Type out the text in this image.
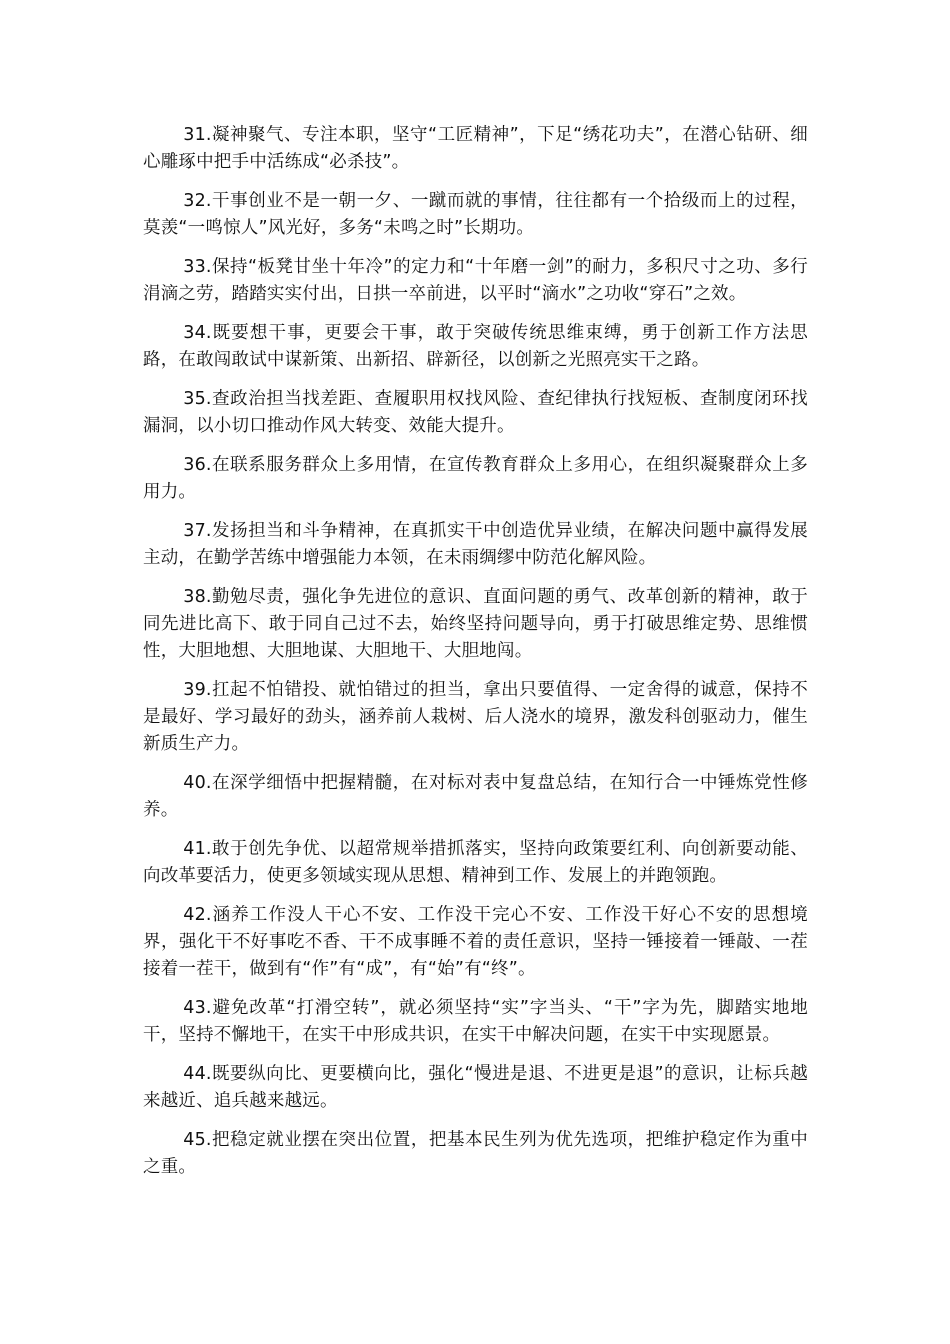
31.凝神聚气、专注本职，坚守“工匠精神”，下足“绣花功夫”，在潜心钻研、细心雕琢中把手中活练成“必杀技”。

32.干事创业不是一朝一夕、一蹴而就的事情，往往都有一个拾级而上的过程，莫羡“一鸣惊人”风光好，多务“未鸣之时”长期功。

33.保持“板凳甘坐十年冷”的定力和“十年磨一剑”的耐力，多积尺寸之功、多行涓滴之劳，踏踏实实付出，日拱一卒前进，以平时“滴水”之功收“穿石”之效。

34.既要想干事，更要会干事，敢于突破传统思维束缚，勇于创新工作方法思路，在敢闯敢试中谋新策、出新招、辟新径，以创新之光照亮实干之路。

35.查政治担当找差距、查履职用权找风险、查纪律执行找短板、查制度闭环找漏洞，以小切口推动作风大转变、效能大提升。

36.在联系服务群众上多用情，在宣传教育群众上多用心，在组织凝聚群众上多用力。

37.发扬担当和斗争精神，在真抓实干中创造优异业绩，在解决问题中赢得发展主动，在勤学苦练中增强能力本领，在未雨绸缪中防范化解风险。

38.勤勉尽责，强化争先进位的意识、直面问题的勇气、改革创新的精神，敢于同先进比高下、敢于同自己过不去，始终坚持问题导向，勇于打破思维定势、思维惯性，大胆地想、大胆地谋、大胆地干、大胆地闯。

39.扛起不怕错投、就怕错过的担当，拿出只要值得、一定舍得的诚意，保持不是最好、学习最好的劲头，涵养前人栽树、后人浇水的境界，激发科创驱动力，催生新质生产力。

40.在深学细悟中把握精髓，在对标对表中复盘总结，在知行合一中锤炼党性修养。

41.敢于创先争优、以超常规举措抓落实，坚持向政策要红利、向创新要动能、向改革要活力，使更多领域实现从思想、精神到工作、发展上的并跑领跑。

42.涵养工作没人干心不安、工作没干完心不安、工作没干好心不安的思想境界，强化干不好事吃不香、干不成事睡不着的责任意识，坚持一锤接着一锤敲、一茬接着一茬干，做到有“作”有“成”，有“始”有“终”。

43.避免改革“打滑空转”，就必须坚持“实”字当头、“干”字为先，脚踏实地地干，坚持不懈地干，在实干中形成共识，在实干中解决问题，在实干中实现愿景。

44.既要纵向比、更要横向比，强化“慢进是退、不进更是退”的意识，让标兵越来越近、追兵越来越远。

45.把稳定就业摆在突出位置，把基本民生列为优先选项，把维护稳定作为重中之重。
